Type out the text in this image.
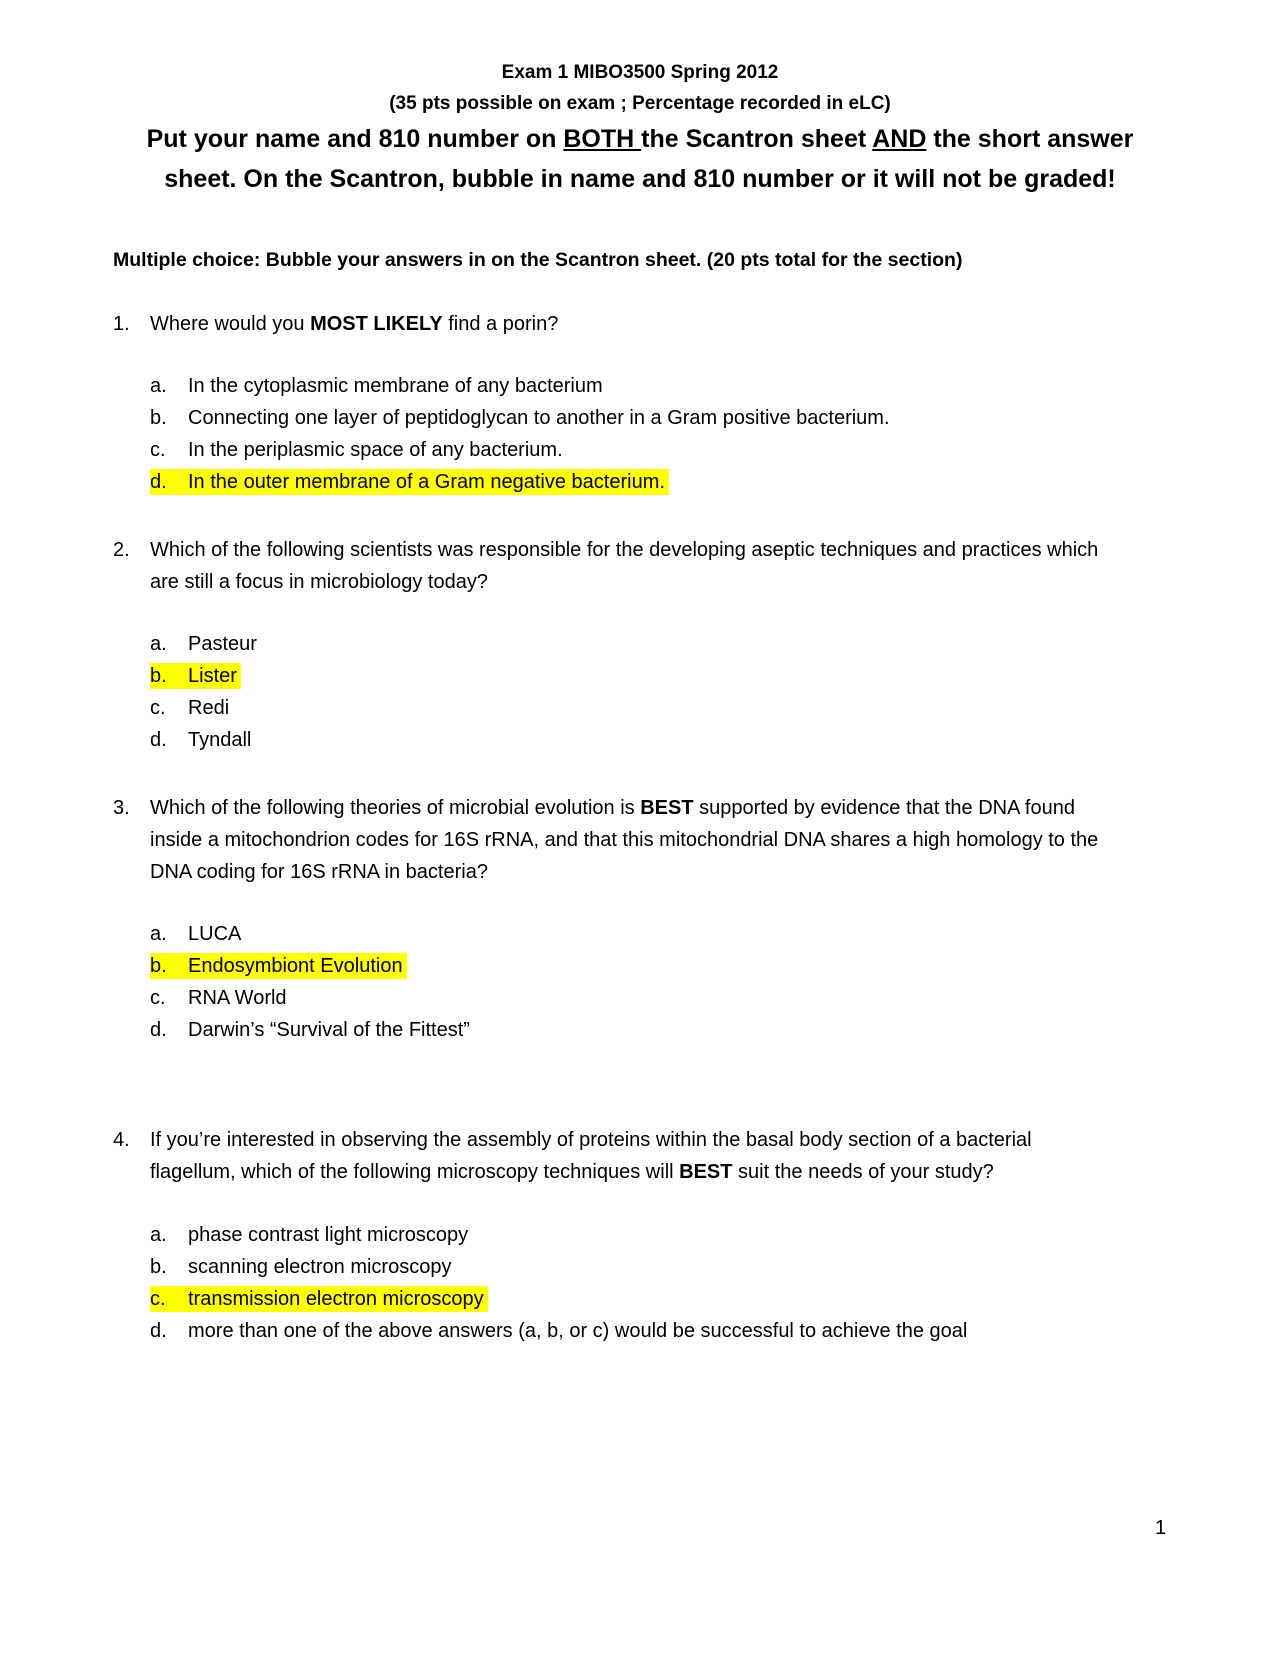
Exam 1 MIBO3500 Spring 2012
(35 pts possible on exam ; Percentage recorded in eLC)
Put your name and 810 number on BOTH the Scantron sheet AND the short answer
sheet. On the Scantron, bubble in name and 810 number or it will not be graded!
Multiple choice: Bubble your answers in on the Scantron sheet. (20 pts total for the section)
1. Where would you MOST LIKELY find a porin?
a. In the cytoplasmic membrane of any bacterium
b. Connecting one layer of peptidoglycan to another in a Gram positive bacterium.
c. In the periplasmic space of any bacterium.
d. In the outer membrane of a Gram negative bacterium.
2. Which of the following scientists was responsible for the developing aseptic techniques and practices which
are still a focus in microbiology today?
a. Pasteur
b. Lister
c. Redi
d. Tyndall
3. Which of the following theories of microbial evolution is BEST supported by evidence that the DNA found
inside a mitochondrion codes for 16S rRNA, and that this mitochondrial DNA shares a high homology to the
DNA coding for 16S rRNA in bacteria?
a. LUCA
b. Endosymbiont Evolution
c. RNA World
d. Darwin’s “Survival of the Fittest”
4. If you’re interested in observing the assembly of proteins within the basal body section of a bacterial
flagellum, which of the following microscopy techniques will BEST suit the needs of your study?
a. phase contrast light microscopy
b. scanning electron microscopy
c. transmission electron microscopy
d. more than one of the above answers (a, b, or c) would be successful to achieve the goal
1
